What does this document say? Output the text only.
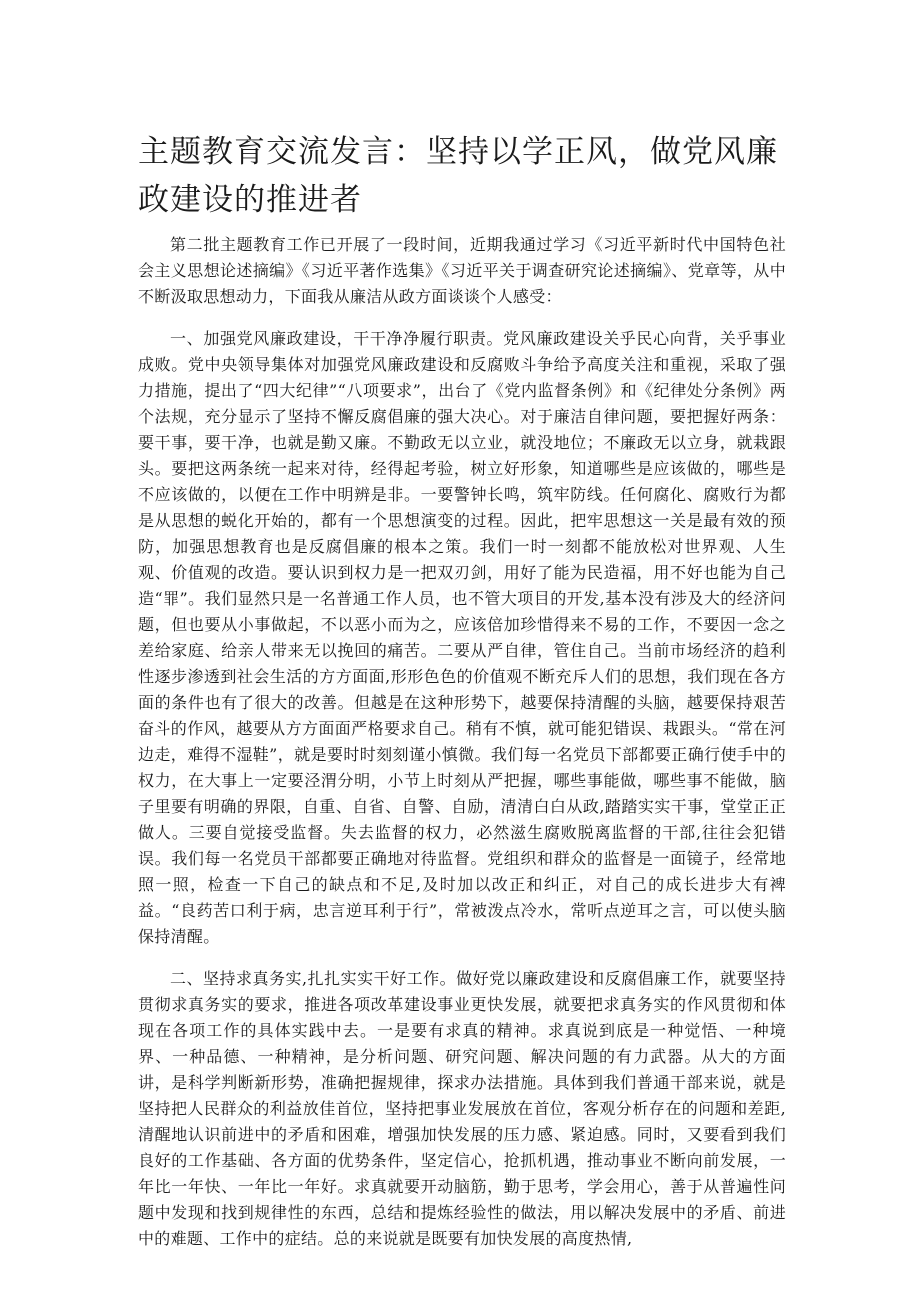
主题教育交流发言：坚持以学正风，做党风廉政建设的推进者

第二批主题教育工作已开展了一段时间，近期我通过学习《习近平新时代中国特色社会主义思想论述摘编》《习近平著作选集》《习近平关于调查研究论述摘编》、党章等，从中不断汲取思想动力，下面我从廉洁从政方面谈谈个人感受：

一、加强党风廉政建设，干干净净履行职责。党风廉政建设关乎民心向背，关乎事业成败。党中央领导集体对加强党风廉政建设和反腐败斗争给予高度关注和重视，采取了强力措施，提出了“四大纪律”“八项要求”，出台了《党内监督条例》和《纪律处分条例》两个法规，充分显示了坚持不懈反腐倡廉的强大决心。对于廉洁自律问题，要把握好两条：要干事，要干净，也就是勤又廉。不勤政无以立业，就没地位；不廉政无以立身，就栽跟头。要把这两条统一起来对待，经得起考验，树立好形象，知道哪些是应该做的，哪些是不应该做的，以便在工作中明辨是非。一要警钟长鸣，筑牢防线。任何腐化、腐败行为都是从思想的蜕化开始的，都有一个思想演变的过程。因此，把牢思想这一关是最有效的预防，加强思想教育也是反腐倡廉的根本之策。我们一时一刻都不能放松对世界观、人生观、价值观的改造。要认识到权力是一把双刃剑，用好了能为民造福，用不好也能为自己造“罪”。我们显然只是一名普通工作人员，也不管大项目的开发,基本没有涉及大的经济问题，但也要从小事做起，不以恶小而为之，应该倍加珍惜得来不易的工作，不要因一念之差给家庭、给亲人带来无以挽回的痛苦。二要从严自律，管住自己。当前市场经济的趋利性逐步渗透到社会生活的方方面面,形形色色的价值观不断充斥人们的思想，我们现在各方面的条件也有了很大的改善。但越是在这种形势下，越要保持清醒的头脑，越要保持艰苦奋斗的作风，越要从方方面面严格要求自己。稍有不慎，就可能犯错误、栽跟头。“常在河边走，难得不湿鞋”，就是要时时刻刻谨小慎微。我们每一名党员下部都要正确行使手中的权力，在大事上一定要泾渭分明，小节上时刻从严把握，哪些事能做，哪些事不能做，脑子里要有明确的界限，自重、自省、自警、自励，清清白白从政,踏踏实实干事，堂堂正正做人。三要自觉接受监督。失去监督的权力，必然滋生腐败脱离监督的干部,往往会犯错误。我们每一名党员干部都要正确地对待监督。党组织和群众的监督是一面镜子，经常地照一照，检查一下自己的缺点和不足,及时加以改正和纠正，对自己的成长进步大有裨益。“良药苦口利于病，忠言逆耳利于行”，常被泼点冷水，常听点逆耳之言，可以使头脑保持清醒。

二、坚持求真务实,扎扎实实干好工作。做好党以廉政建设和反腐倡廉工作，就要坚持贯彻求真务实的要求，推进各项改革建设事业更快发展，就要把求真务实的作风贯彻和体现在各项工作的具体实践中去。一是要有求真的精神。求真说到底是一种觉悟、一种境界、一种品德、一种精神，是分析问题、研究问题、解决问题的有力武器。从大的方面讲，是科学判断新形势，准确把握规律，探求办法措施。具体到我们普通干部来说，就是坚持把人民群众的利益放佳首位，坚持把事业发展放在首位，客观分析存在的问题和差距,清醒地认识前进中的矛盾和困难，增强加快发展的压力感、紧迫感。同时，又要看到我们良好的工作基础、各方面的优势条件，坚定信心，抢抓机遇，推动事业不断向前发展，一年比一年快、一年比一年好。求真就要开动脑筋，勤于思考，学会用心，善于从普遍性问题中发现和找到规律性的东西，总结和提炼经验性的做法，用以解决发展中的矛盾、前进中的难题、工作中的症结。总的来说就是既要有加快发展的高度热情,
